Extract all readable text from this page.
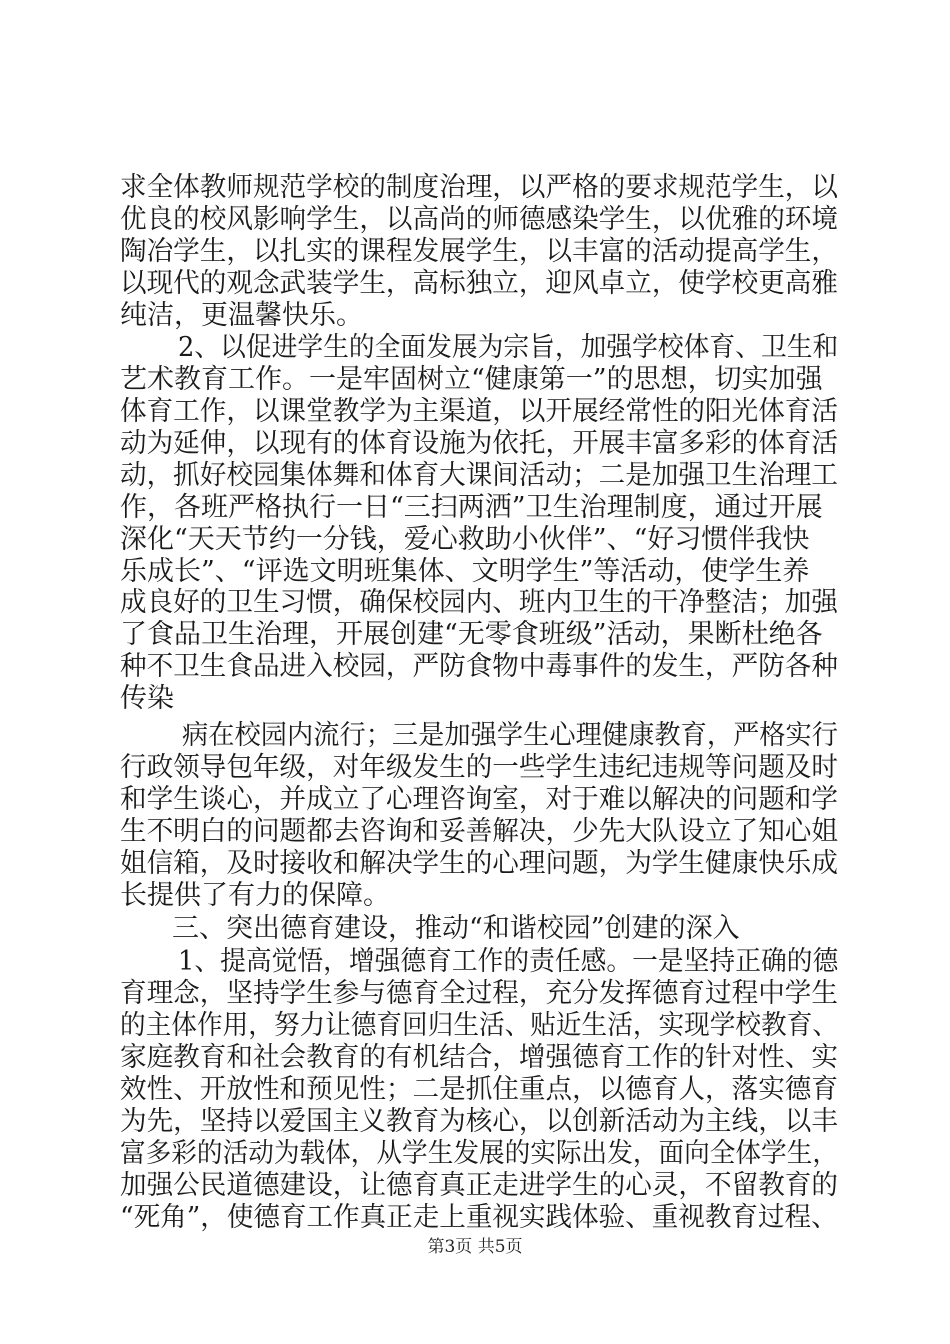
求全体教师规范学校的制度治理，以严格的要求规范学生，以
优良的校风影响学生，以高尚的师德感染学生，以优雅的环境
陶冶学生，以扎实的课程发展学生，以丰富的活动提高学生，
以现代的观念武装学生，高标独立，迎风卓立，使学校更高雅
纯洁，更温馨快乐。
2、以促进学生的全面发展为宗旨，加强学校体育、卫生和
艺术教育工作。一是牢固树立“健康第一”的思想，切实加强
体育工作，以课堂教学为主渠道，以开展经常性的阳光体育活
动为延伸，以现有的体育设施为依托，开展丰富多彩的体育活
动，抓好校园集体舞和体育大课间活动；二是加强卫生治理工
作，各班严格执行一日“三扫两洒”卫生治理制度，通过开展
深化“天天节约一分钱，爱心救助小伙伴”、“好习惯伴我快
乐成长”、“评选文明班集体、文明学生”等活动，使学生养
成良好的卫生习惯，确保校园内、班内卫生的干净整洁；加强
了食品卫生治理，开展创建“无零食班级”活动，果断杜绝各
种不卫生食品进入校园，严防食物中毒事件的发生，严防各种
传染
病在校园内流行；三是加强学生心理健康教育，严格实行
行政领导包年级，对年级发生的一些学生违纪违规等问题及时
和学生谈心，并成立了心理咨询室，对于难以解决的问题和学
生不明白的问题都去咨询和妥善解决，少先大队设立了知心姐
姐信箱，及时接收和解决学生的心理问题，为学生健康快乐成
长提供了有力的保障。
三、突出德育建设，推动“和谐校园”创建的深入
1、提高觉悟，增强德育工作的责任感。一是坚持正确的德
育理念，坚持学生参与德育全过程，充分发挥德育过程中学生
的主体作用，努力让德育回归生活、贴近生活，实现学校教育、
家庭教育和社会教育的有机结合，增强德育工作的针对性、实
效性、开放性和预见性；二是抓住重点，以德育人，落实德育
为先，坚持以爱国主义教育为核心，以创新活动为主线，以丰
富多彩的活动为载体，从学生发展的实际出发，面向全体学生，
加强公民道德建设，让德育真正走进学生的心灵，不留教育的
“死角”，使德育工作真正走上重视实践体验、重视教育过程、
第3页 共5页
